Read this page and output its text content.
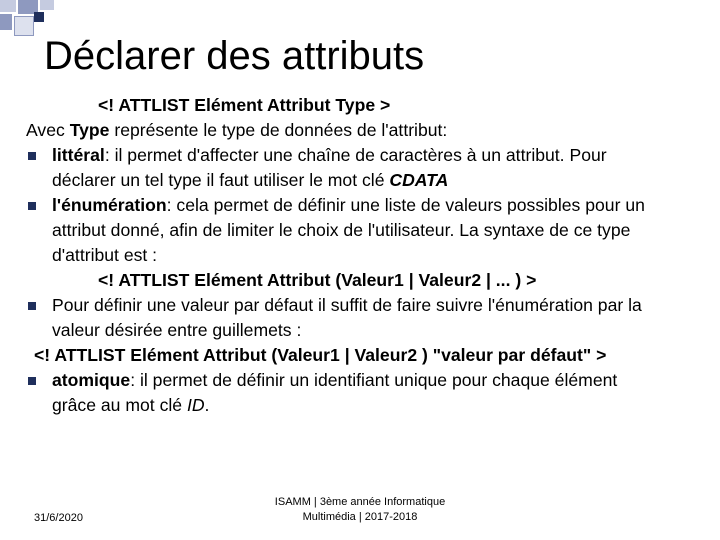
Déclarer des attributs
<! ATTLIST Elément Attribut Type >
Avec Type représente le type de données de l'attribut:
littéral: il permet d'affecter une chaîne de caractères à un attribut. Pour
déclarer un tel type il faut utiliser le mot clé CDATA
l'énumération: cela permet de définir une liste de valeurs possibles pour un
attribut donné, afin de limiter le choix de l'utilisateur. La syntaxe de ce type
d'attribut est :
<! ATTLIST Elément Attribut (Valeur1 | Valeur2 | ... ) >
Pour définir une valeur par défaut il suffit de faire suivre l'énumération par la
valeur désirée entre guillemets :
<! ATTLIST Elément Attribut (Valeur1 | Valeur2 ) "valeur par défaut" >
atomique: il permet de définir un identifiant unique pour chaque élément
grâce au mot clé ID.
31/6/2020
ISAMM | 3ème année Informatique
Multimédia | 2017-2018
